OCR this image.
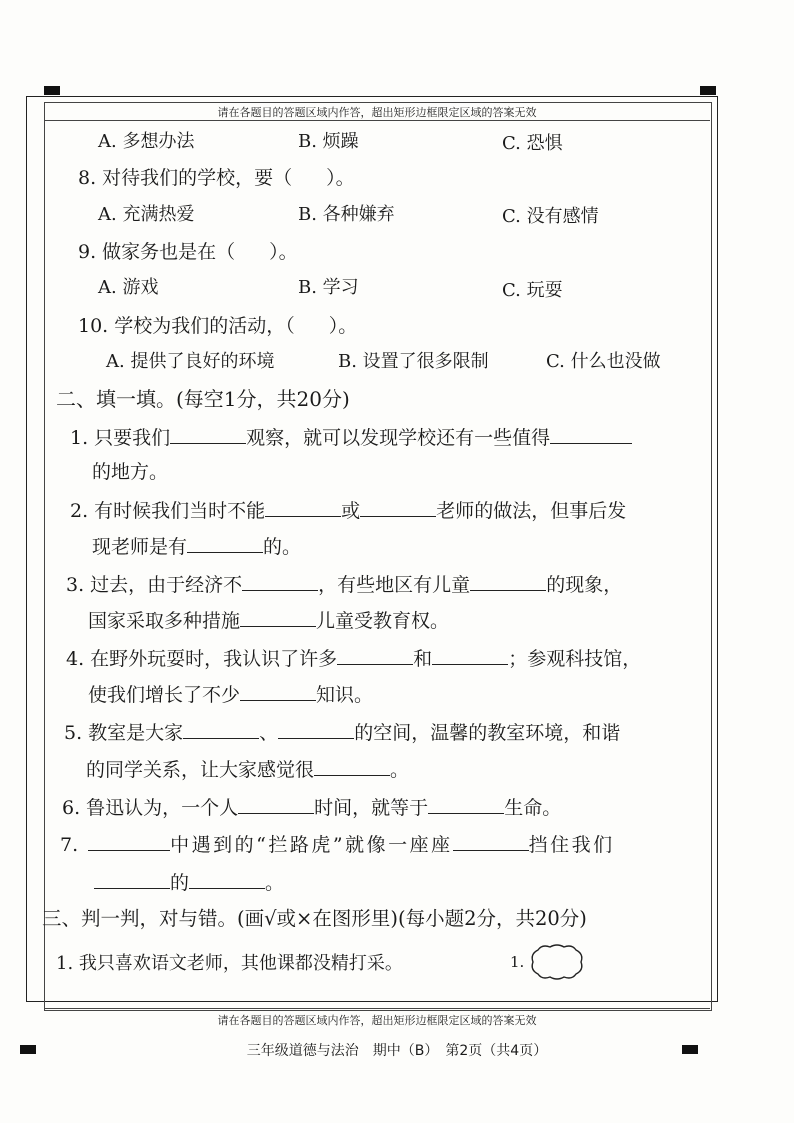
请在各题目的答题区域内作答，超出矩形边框限定区域的答案无效
请在各题目的答题区域内作答，超出矩形边框限定区域的答案无效
A. 多想办法	B. 烦躁	C. 恐惧
8. 对待我们的学校，要（ ）。
A. 充满热爱	B. 各种嫌弃	C. 没有感情
9. 做家务也是在（ ）。
A. 游戏	B. 学习	C. 玩耍
10. 学校为我们的活动，（ ）。
A. 提供了良好的环境	B. 设置了很多限制	C. 什么也没做
二、填一填。(每空1分，共20分)
1. 只要我们	观察，就可以发现学校还有一些值得
的地方。
2. 有时候我们当时不能	或	老师的做法，但事后发
现老师是有	的。
3. 过去，由于经济不	，有些地区有儿童	的现象，
国家采取多种措施	儿童受教育权。
4. 在野外玩耍时，我认识了许多	和	；参观科技馆，
使我们增长了不少	知识。
5. 教室是大家	、	的空间，温馨的教室环境，和谐
的同学关系，让大家感觉很	。
6. 鲁迅认为，一个人	时间，就等于	生命。
7.	中遇到的“拦路虎”就像一座座	挡住我们
的	。
三、判一判，对与错。(画√或×在图形里)(每小题2分，共20分)
1. 我只喜欢语文老师，其他课都没精打采。	1.
三年级道德与法治　期中（B）　第2页（共4页）
